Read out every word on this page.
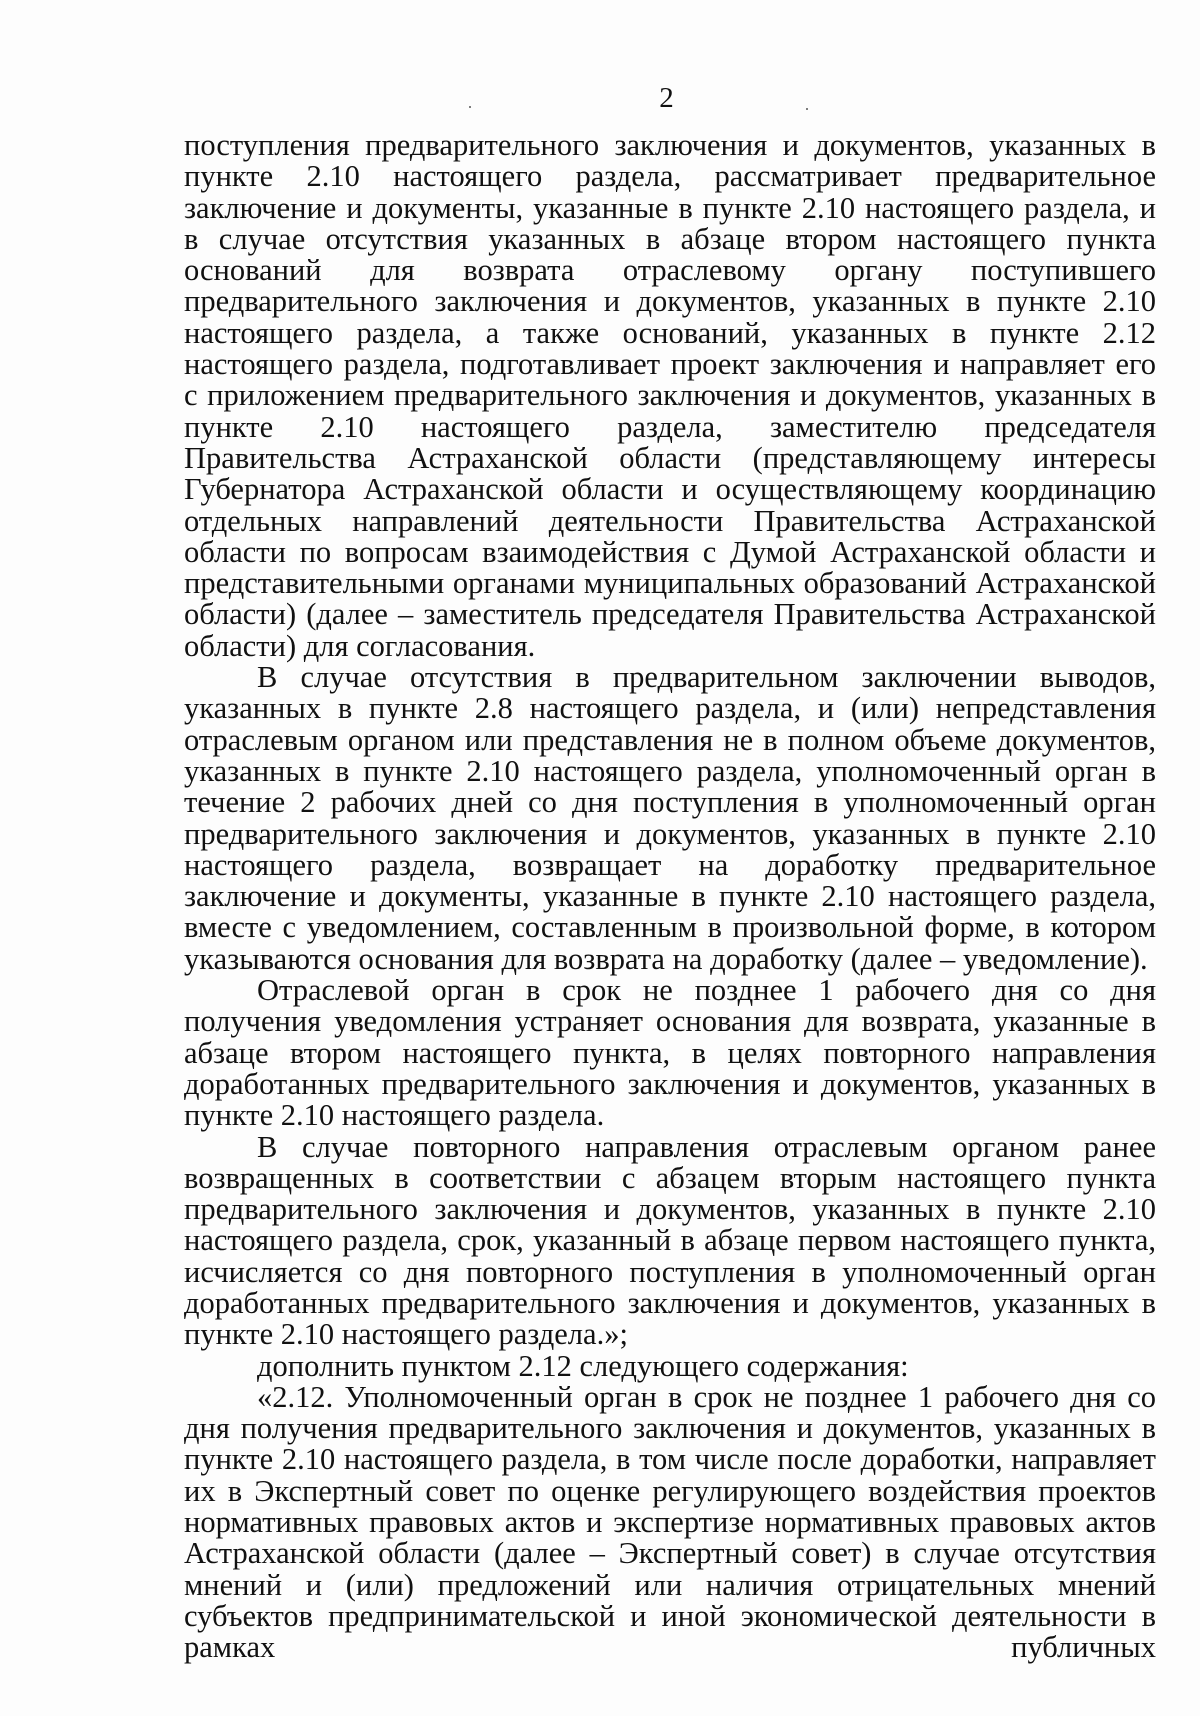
2

поступления предварительного заключения и документов, указанных в пункте 2.10 настоящего раздела, рассматривает предварительное заключение и документы, указанные в пункте 2.10 настоящего раздела, и в случае отсутствия указанных в абзаце втором настоящего пункта оснований для возврата отраслевому органу поступившего предварительного заключения и документов, указанных в пункте 2.10 настоящего раздела, а также оснований, указанных в пункте 2.12 настоящего раздела, подготавливает проект заключения и направляет его с приложением предварительного заключения и документов, указанных в пункте 2.10 настоящего раздела, заместителю председателя Правительства Астраханской области (представляющему интересы Губернатора Астраханской области и осуществляющему координацию отдельных направлений деятельности Правительства Астраханской области по вопросам взаимодействия с Думой Астраханской области и представительными органами муниципальных образований Астраханской области) (далее – заместитель председателя Правительства Астраханской области) для согласования.

В случае отсутствия в предварительном заключении выводов, указанных в пункте 2.8 настоящего раздела, и (или) непредставления отраслевым органом или представления не в полном объеме документов, указанных в пункте 2.10 настоящего раздела, уполномоченный орган в течение 2 рабочих дней со дня поступления в уполномоченный орган предварительного заключения и документов, указанных в пункте 2.10 настоящего раздела, возвращает на доработку предварительное заключение и документы, указанные в пункте 2.10 настоящего раздела, вместе с уведомлением, составленным в произвольной форме, в котором указываются основания для возврата на доработку (далее – уведомление).

Отраслевой орган в срок не позднее 1 рабочего дня со дня получения уведомления устраняет основания для возврата, указанные в абзаце втором настоящего пункта, в целях повторного направления доработанных предварительного заключения и документов, указанных в пункте 2.10 настоящего раздела.

В случае повторного направления отраслевым органом ранее возвращенных в соответствии с абзацем вторым настоящего пункта предварительного заключения и документов, указанных в пункте 2.10 настоящего раздела, срок, указанный в абзаце первом настоящего пункта, исчисляется со дня повторного поступления в уполномоченный орган доработанных предварительного заключения и документов, указанных в пункте 2.10 настоящего раздела.»;

дополнить пунктом 2.12 следующего содержания:

«2.12. Уполномоченный орган в срок не позднее 1 рабочего дня со дня получения предварительного заключения и документов, указанных в пункте 2.10 настоящего раздела, в том числе после доработки, направляет их в Экспертный совет по оценке регулирующего воздействия проектов нормативных правовых актов и экспертизе нормативных правовых актов Астраханской области (далее – Экспертный совет) в случае отсутствия мнений и (или) предложений или наличия отрицательных мнений субъектов предпринимательской и иной экономической деятельности в рамках публичных
